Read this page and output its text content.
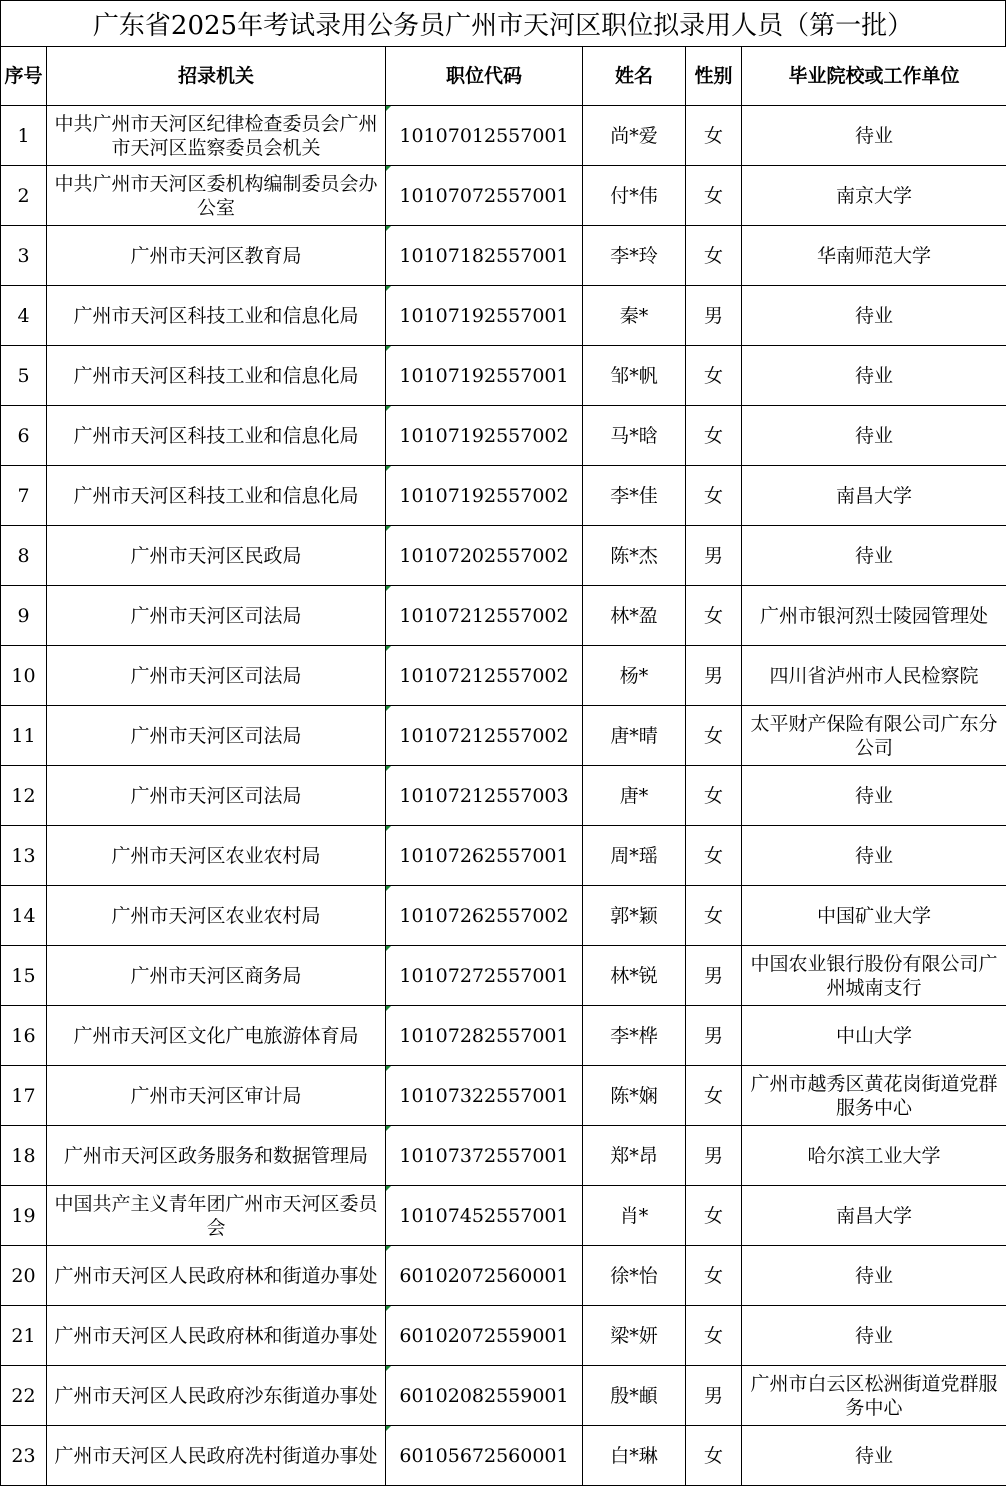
广东省2025年考试录用公务员广州市天河区职位拟录用人员（第一批）
序号	招录机关	职位代码	姓名	性别	毕业院校或工作单位
1	中共广州市天河区纪律检查委员会广州市天河区监察委员会机关	10107012557001	尚*爱	女	待业
2	中共广州市天河区委机构编制委员会办公室	10107072557001	付*伟	女	南京大学
3	广州市天河区教育局	10107182557001	李*玲	女	华南师范大学
4	广州市天河区科技工业和信息化局	10107192557001	秦*	男	待业
5	广州市天河区科技工业和信息化局	10107192557001	邹*帆	女	待业
6	广州市天河区科技工业和信息化局	10107192557002	马*晗	女	待业
7	广州市天河区科技工业和信息化局	10107192557002	李*佳	女	南昌大学
8	广州市天河区民政局	10107202557002	陈*杰	男	待业
9	广州市天河区司法局	10107212557002	林*盈	女	广州市银河烈士陵园管理处
10	广州市天河区司法局	10107212557002	杨*	男	四川省泸州市人民检察院
11	广州市天河区司法局	10107212557002	唐*晴	女	太平财产保险有限公司广东分公司
12	广州市天河区司法局	10107212557003	唐*	女	待业
13	广州市天河区农业农村局	10107262557001	周*瑶	女	待业
14	广州市天河区农业农村局	10107262557002	郭*颖	女	中国矿业大学
15	广州市天河区商务局	10107272557001	林*锐	男	中国农业银行股份有限公司广州城南支行
16	广州市天河区文化广电旅游体育局	10107282557001	李*桦	男	中山大学
17	广州市天河区审计局	10107322557001	陈*娴	女	广州市越秀区黄花岗街道党群服务中心
18	广州市天河区政务服务和数据管理局	10107372557001	郑*昂	男	哈尔滨工业大学
19	中国共产主义青年团广州市天河区委员会	10107452557001	肖*	女	南昌大学
20	广州市天河区人民政府林和街道办事处	60102072560001	徐*怡	女	待业
21	广州市天河区人民政府林和街道办事处	60102072559001	梁*妍	女	待业
22	广州市天河区人民政府沙东街道办事处	60102082559001	殷*頔	男	广州市白云区松洲街道党群服务中心
23	广州市天河区人民政府冼村街道办事处	60105672560001	白*琳	女	待业
